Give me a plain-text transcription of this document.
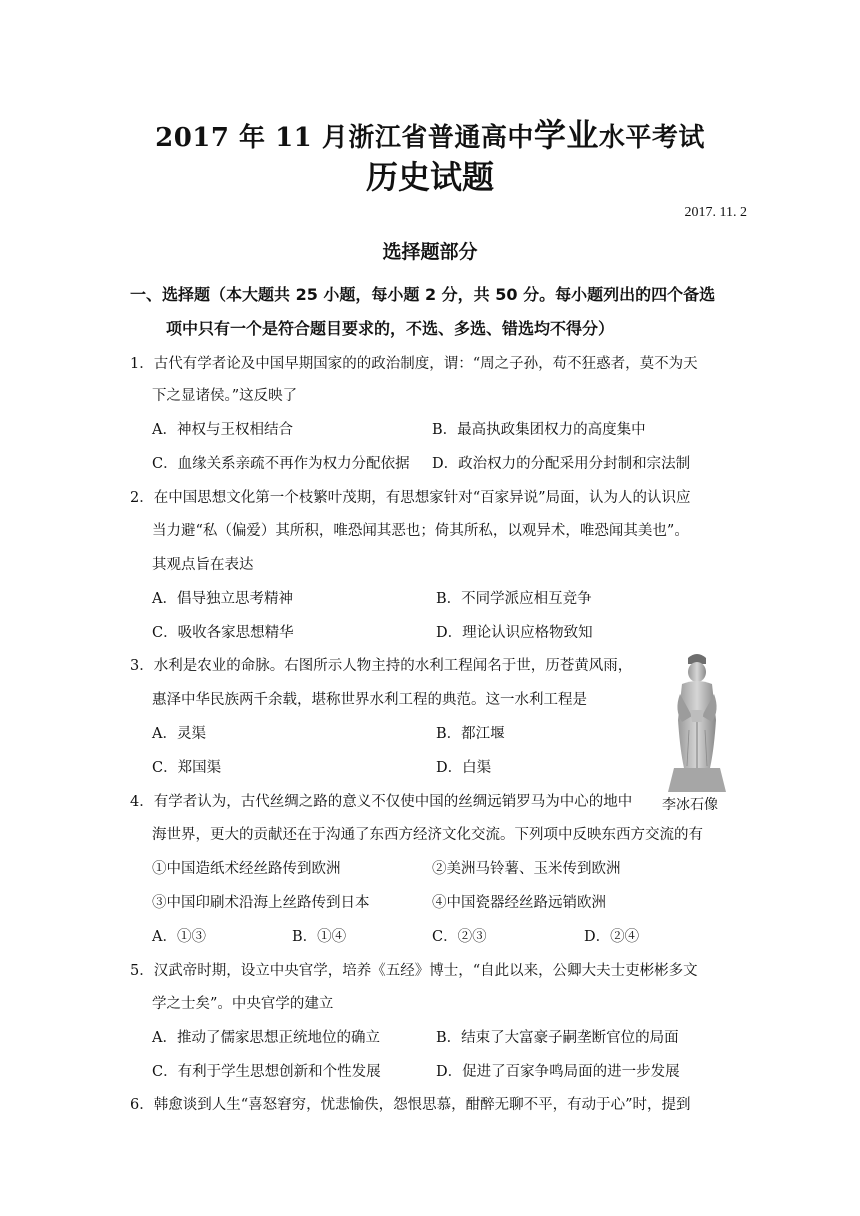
2017 年 11 月浙江省普通高中学业水平考试
历史试题
2017. 11. 2
选择题部分
一、选择题（本大题共 25 小题，每小题 2 分，共 50 分。每小题列出的四个备选
项中只有一个是符合题目要求的，不选、多选、错选均不得分）
1．古代有学者论及中国早期国家的的政治制度，谓：“周之子孙，苟不狂惑者，莫不为天
下之显诸侯。”这反映了
A．神权与王权相结合	B．最高执政集团权力的高度集中
C．血缘关系亲疏不再作为权力分配依据 D．政治权力的分配采用分封制和宗法制
2．在中国思想文化第一个枝繁叶茂期，有思想家针对“百家异说”局面，认为人的认识应
当力避“私（偏爱）其所积，唯恐闻其恶也；倚其所私，以观异术，唯恐闻其美也”。
其观点旨在表达
A．倡导独立思考精神	B．不同学派应相互竞争
C．吸收各家思想精华	D．理论认识应格物致知
3．水利是农业的命脉。右图所示人物主持的水利工程闻名于世，历苍黄风雨，
惠泽中华民族两千余载，堪称世界水利工程的典范。这一水利工程是
A．灵渠	B．都江堰
C．郑国渠	D．白渠
李冰石像
4．有学者认为，古代丝绸之路的意义不仅使中国的丝绸远销罗马为中心的地中
海世界，更大的贡献还在于沟通了东西方经济文化交流。下列项中反映东西方交流的有
①中国造纸术经丝路传到欧洲	②美洲马铃薯、玉米传到欧洲
③中国印刷术沿海上丝路传到日本	④中国瓷器经丝路远销欧洲
A．①③	B．①④	C．②③	D．②④
5．汉武帝时期，设立中央官学，培养《五经》博士，“自此以来，公卿大夫士吏彬彬多文
学之士矣”。中央官学的建立
A．推动了儒家思想正统地位的确立	B．结束了大富豪子嗣垄断官位的局面
C．有利于学生思想创新和个性发展	D．促进了百家争鸣局面的进一步发展
6．韩愈谈到人生“喜怒窘穷，忧悲愉佚，怨恨思慕，酣醉无聊不平，有动于心”时，提到
